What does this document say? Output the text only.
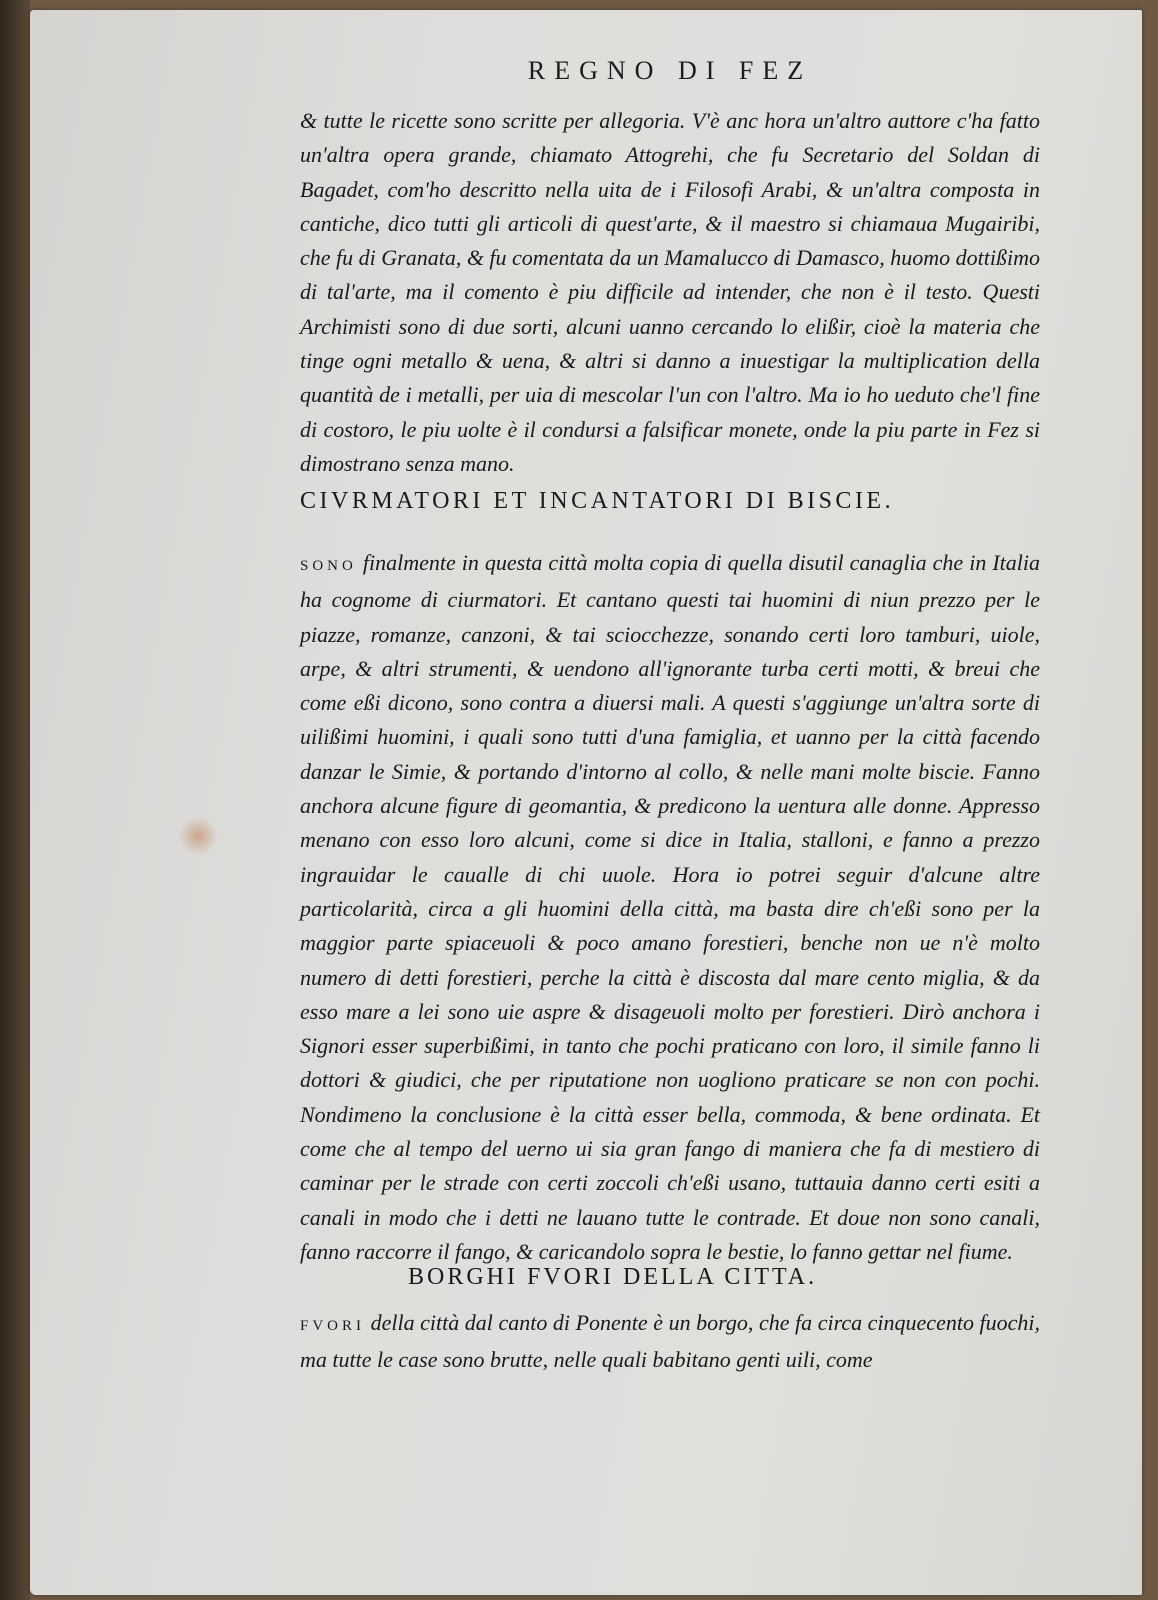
REGNO DI FEZ
& tutte le ricette sono scritte per allegoria. V'è anc hora un'altro auttore c'ha fatto un'altra opera grande, chiamato Attogrehi, che fu Secretario del Soldan di Bagadet, com'ho descritto nella uita de i Filosofi Arabi, & un'altra composta in cantiche, dico tutti gli articoli di quest'arte, & il maestro si chiamaua Mugairibi, che fu di Granata, & fu comentata da un Mamalucco di Damasco, huomo dottißimo di tal'arte, ma il comento è piu difficile ad intender, che non è il testo. Questi Archimisti sono di due sorti, alcuni uanno cercando lo elißir, cioè la materia che tinge ogni metallo & uena, & altri si danno a inuestigar la multiplication della quantità de i metalli, per uia di mescolar l'un con l'altro. Ma io ho ueduto che'l fine di costoro, le piu uolte è il condursi a falsificar monete, onde la piu parte in Fez si dimostrano senza mano.
CIVRMATORI ET INCANTATORI DI BISCIE.
SONO finalmente in questa città molta copia di quella disutil canaglia che in Italia ha cognome di ciurmatori. Et cantano questi tai huomini di niun prezzo per le piazze, romanze, canzoni, & tai sciocchezze, sonando certi loro tamburi, uiole, arpe, & altri strumenti, & uendono all'ignorante turba certi motti, & breui che come eßi dicono, sono contra a diuersi mali. A questi s'aggiunge un'altra sorte di uilißimi huomini, i quali sono tutti d'una famiglia, et uanno per la città facendo danzar le Simie, & portando d'intorno al collo, & nelle mani molte biscie. Fanno anchora alcune figure di geomantia, & predicono la uentura alle donne. Appresso menano con esso loro alcuni, come si dice in Italia, stalloni, e fanno a prezzo ingrauidar le caualle di chi uuole. Hora io potrei seguir d'alcune altre particolarità, circa a gli huomini della città, ma basta dire ch'eßi sono per la maggior parte spiaceuoli & poco amano forestieri, benche non ue n'è molto numero di detti forestieri, perche la città è discosta dal mare cento miglia, & da esso mare a lei sono uie aspre & disageuoli molto per forestieri. Dirò anchora i Signori esser superbißimi, in tanto che pochi praticano con loro, il simile fanno li dottori & giudici, che per riputatione non uogliono praticare se non con pochi. Nondimeno la conclusione è la città esser bella, commoda, & bene ordinata. Et come che al tempo del uerno ui sia gran fango di maniera che fa di mestiero di caminar per le strade con certi zoccoli ch'eßi usano, tuttauia danno certi esiti a canali in modo che i detti ne lauano tutte le contrade. Et doue non sono canali, fanno raccorre il fango, & caricandolo sopra le bestie, lo fanno gettar nel fiume.
BORGHI FVORI DELLA CITTA.
FVORI della città dal canto di Ponente è un borgo, che fa circa cinquecento fuochi, ma tutte le case sono brutte, nelle quali babitano genti uili, come
